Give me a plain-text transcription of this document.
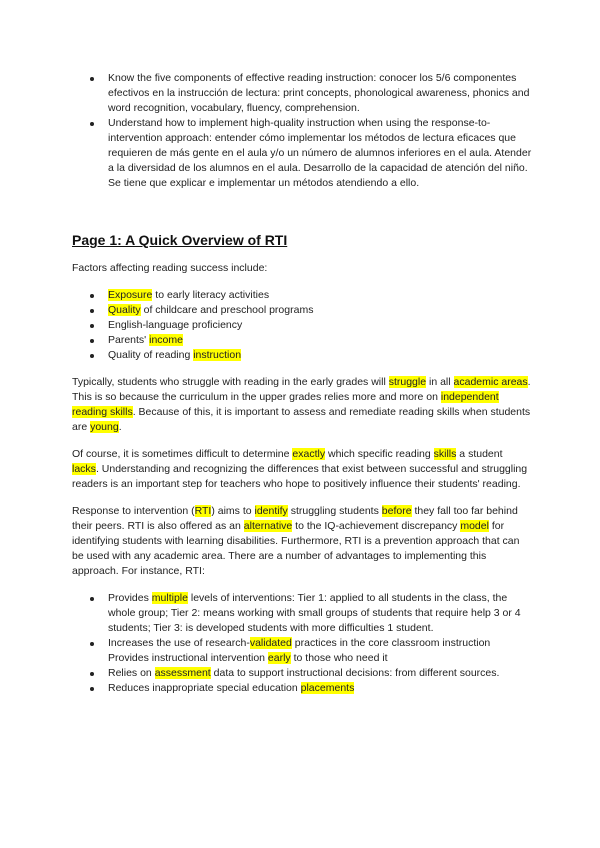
Know the five components of effective reading instruction: conocer los 5/6 componentes efectivos en la instrucción de lectura: print concepts, phonological awareness, phonics and word recognition, vocabulary, fluency, comprehension.
Understand how to implement high-quality instruction when using the response-to-intervention approach: entender cómo implementar los métodos de lectura eficaces que requieren de más gente en el aula y/o un número de alumnos inferiores en el aula. Atender a la diversidad de los alumnos en el aula. Desarrollo de la capacidad de atención del niño. Se tiene que explicar e implementar un métodos atendiendo a ello.
Page 1: A Quick Overview of RTI

Factors affecting reading success include:

Exposure to early literacy activities
Quality of childcare and preschool programs
English-language proficiency
Parents' income
Quality of reading instruction

Typically, students who struggle with reading in the early grades will struggle in all academic areas. This is so because the curriculum in the upper grades relies more and more on independent reading skills. Because of this, it is important to assess and remediate reading skills when students are young.

Of course, it is sometimes difficult to determine exactly which specific reading skills a student lacks. Understanding and recognizing the differences that exist between successful and struggling readers is an important step for teachers who hope to positively influence their students' reading.

Response to intervention (RTI) aims to identify struggling students before they fall too far behind their peers. RTI is also offered as an alternative to the IQ-achievement discrepancy model for identifying students with learning disabilities. Furthermore, RTI is a prevention approach that can be used with any academic area. There are a number of advantages to implementing this approach. For instance, RTI:

Provides multiple levels of interventions: Tier 1: applied to all students in the class, the whole group; Tier 2: means working with small groups of students that require help 3 or 4 students; Tier 3: is developed students with more difficulties 1 student.
Increases the use of research-validated practices in the core classroom instruction Provides instructional intervention early to those who need it
Relies on assessment data to support instructional decisions: from different sources.
Reduces inappropriate special education placements
